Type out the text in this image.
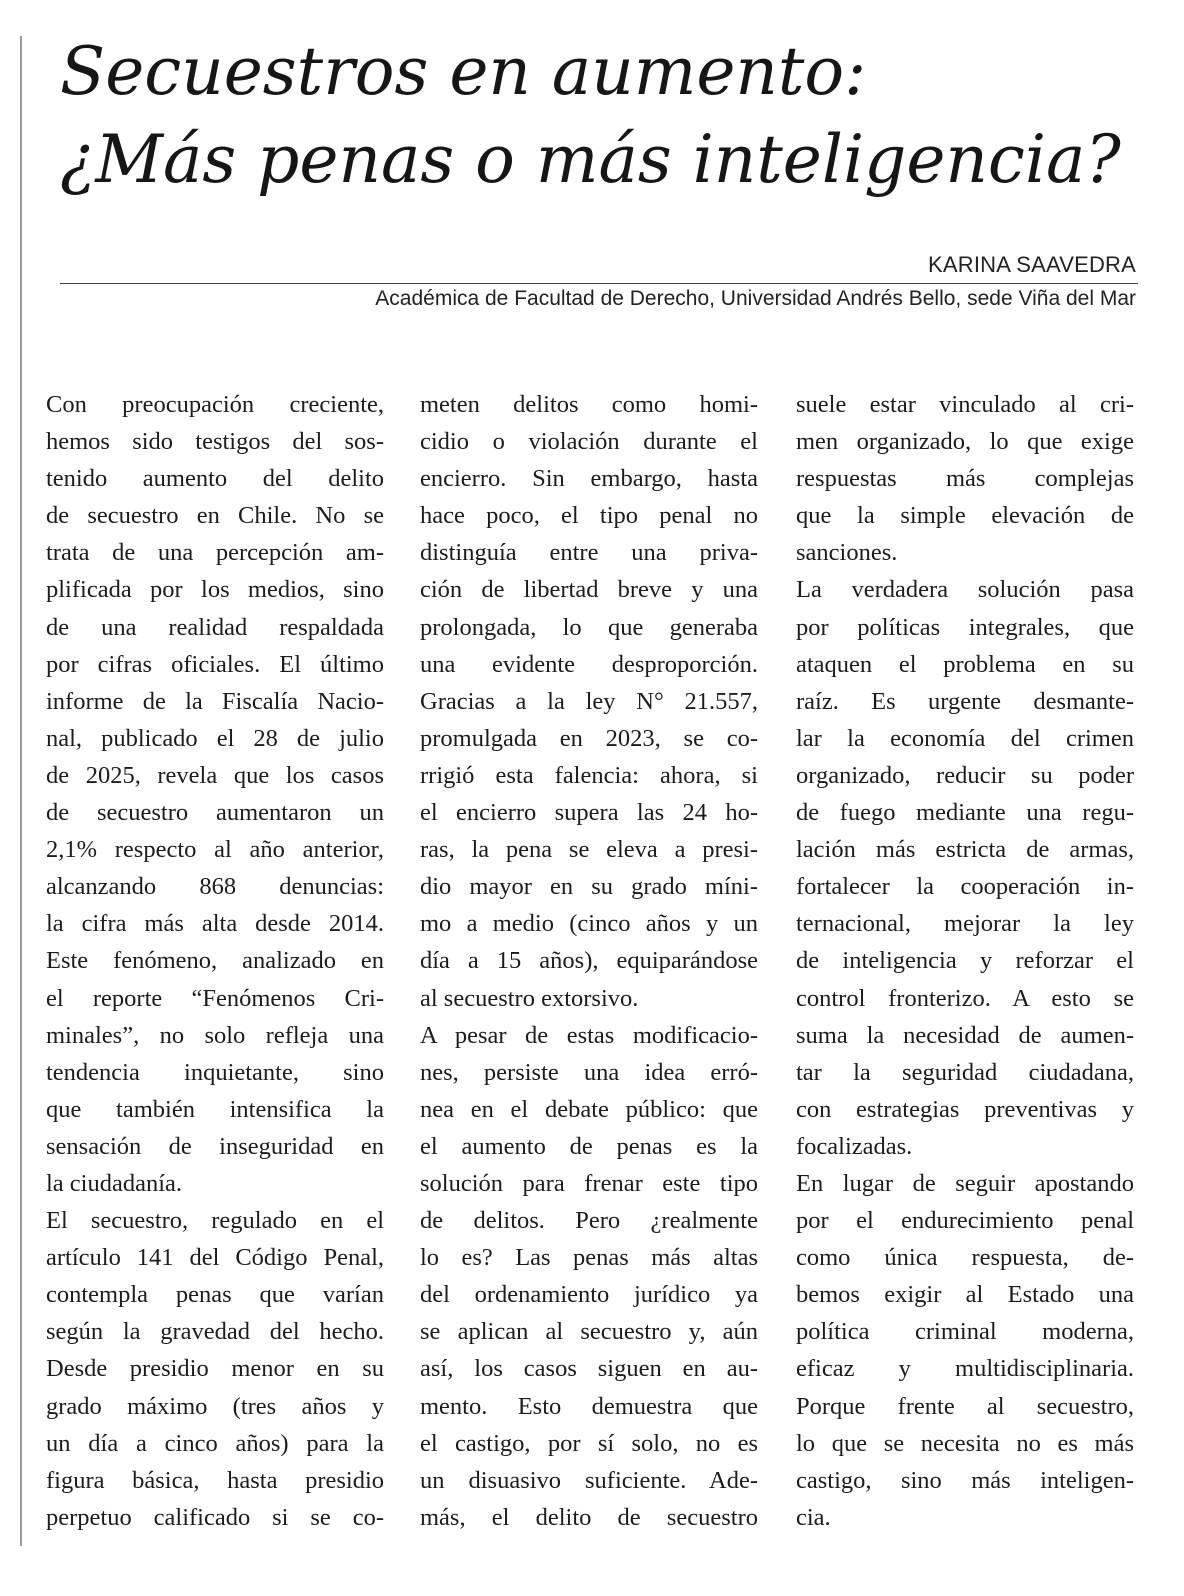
Secuestros en aumento:
¿Más penas o más inteligencia?
KARINA SAAVEDRA
Académica de Facultad de Derecho, Universidad Andrés Bello, sede Viña del Mar
Con preocupación creciente,
hemos sido testigos del sos-
tenido aumento del delito
de secuestro en Chile. No se
trata de una percepción am-
plificada por los medios, sino
de una realidad respaldada
por cifras oficiales. El último
informe de la Fiscalía Nacio-
nal, publicado el 28 de julio
de 2025, revela que los casos
de secuestro aumentaron un
2,1% respecto al año anterior,
alcanzando 868 denuncias:
la cifra más alta desde 2014.
Este fenómeno, analizado en
el reporte “Fenómenos Cri-
minales”, no solo refleja una
tendencia inquietante, sino
que también intensifica la
sensación de inseguridad en
la ciudadanía.
El secuestro, regulado en el
artículo 141 del Código Penal,
contempla penas que varían
según la gravedad del hecho.
Desde presidio menor en su
grado máximo (tres años y
un día a cinco años) para la
figura básica, hasta presidio
perpetuo calificado si se co-
meten delitos como homi-
cidio o violación durante el
encierro. Sin embargo, hasta
hace poco, el tipo penal no
distinguía entre una priva-
ción de libertad breve y una
prolongada, lo que generaba
una evidente desproporción.
Gracias a la ley N° 21.557,
promulgada en 2023, se co-
rrigió esta falencia: ahora, si
el encierro supera las 24 ho-
ras, la pena se eleva a presi-
dio mayor en su grado míni-
mo a medio (cinco años y un
día a 15 años), equiparándose
al secuestro extorsivo.
A pesar de estas modificacio-
nes, persiste una idea erró-
nea en el debate público: que
el aumento de penas es la
solución para frenar este tipo
de delitos. Pero ¿realmente
lo es? Las penas más altas
del ordenamiento jurídico ya
se aplican al secuestro y, aún
así, los casos siguen en au-
mento. Esto demuestra que
el castigo, por sí solo, no es
un disuasivo suficiente. Ade-
más, el delito de secuestro
suele estar vinculado al cri-
men organizado, lo que exige
respuestas más complejas
que la simple elevación de
sanciones.
La verdadera solución pasa
por políticas integrales, que
ataquen el problema en su
raíz. Es urgente desmante-
lar la economía del crimen
organizado, reducir su poder
de fuego mediante una regu-
lación más estricta de armas,
fortalecer la cooperación in-
ternacional, mejorar la ley
de inteligencia y reforzar el
control fronterizo. A esto se
suma la necesidad de aumen-
tar la seguridad ciudadana,
con estrategias preventivas y
focalizadas.
En lugar de seguir apostando
por el endurecimiento penal
como única respuesta, de-
bemos exigir al Estado una
política criminal moderna,
eficaz y multidisciplinaria.
Porque frente al secuestro,
lo que se necesita no es más
castigo, sino más inteligen-
cia.
